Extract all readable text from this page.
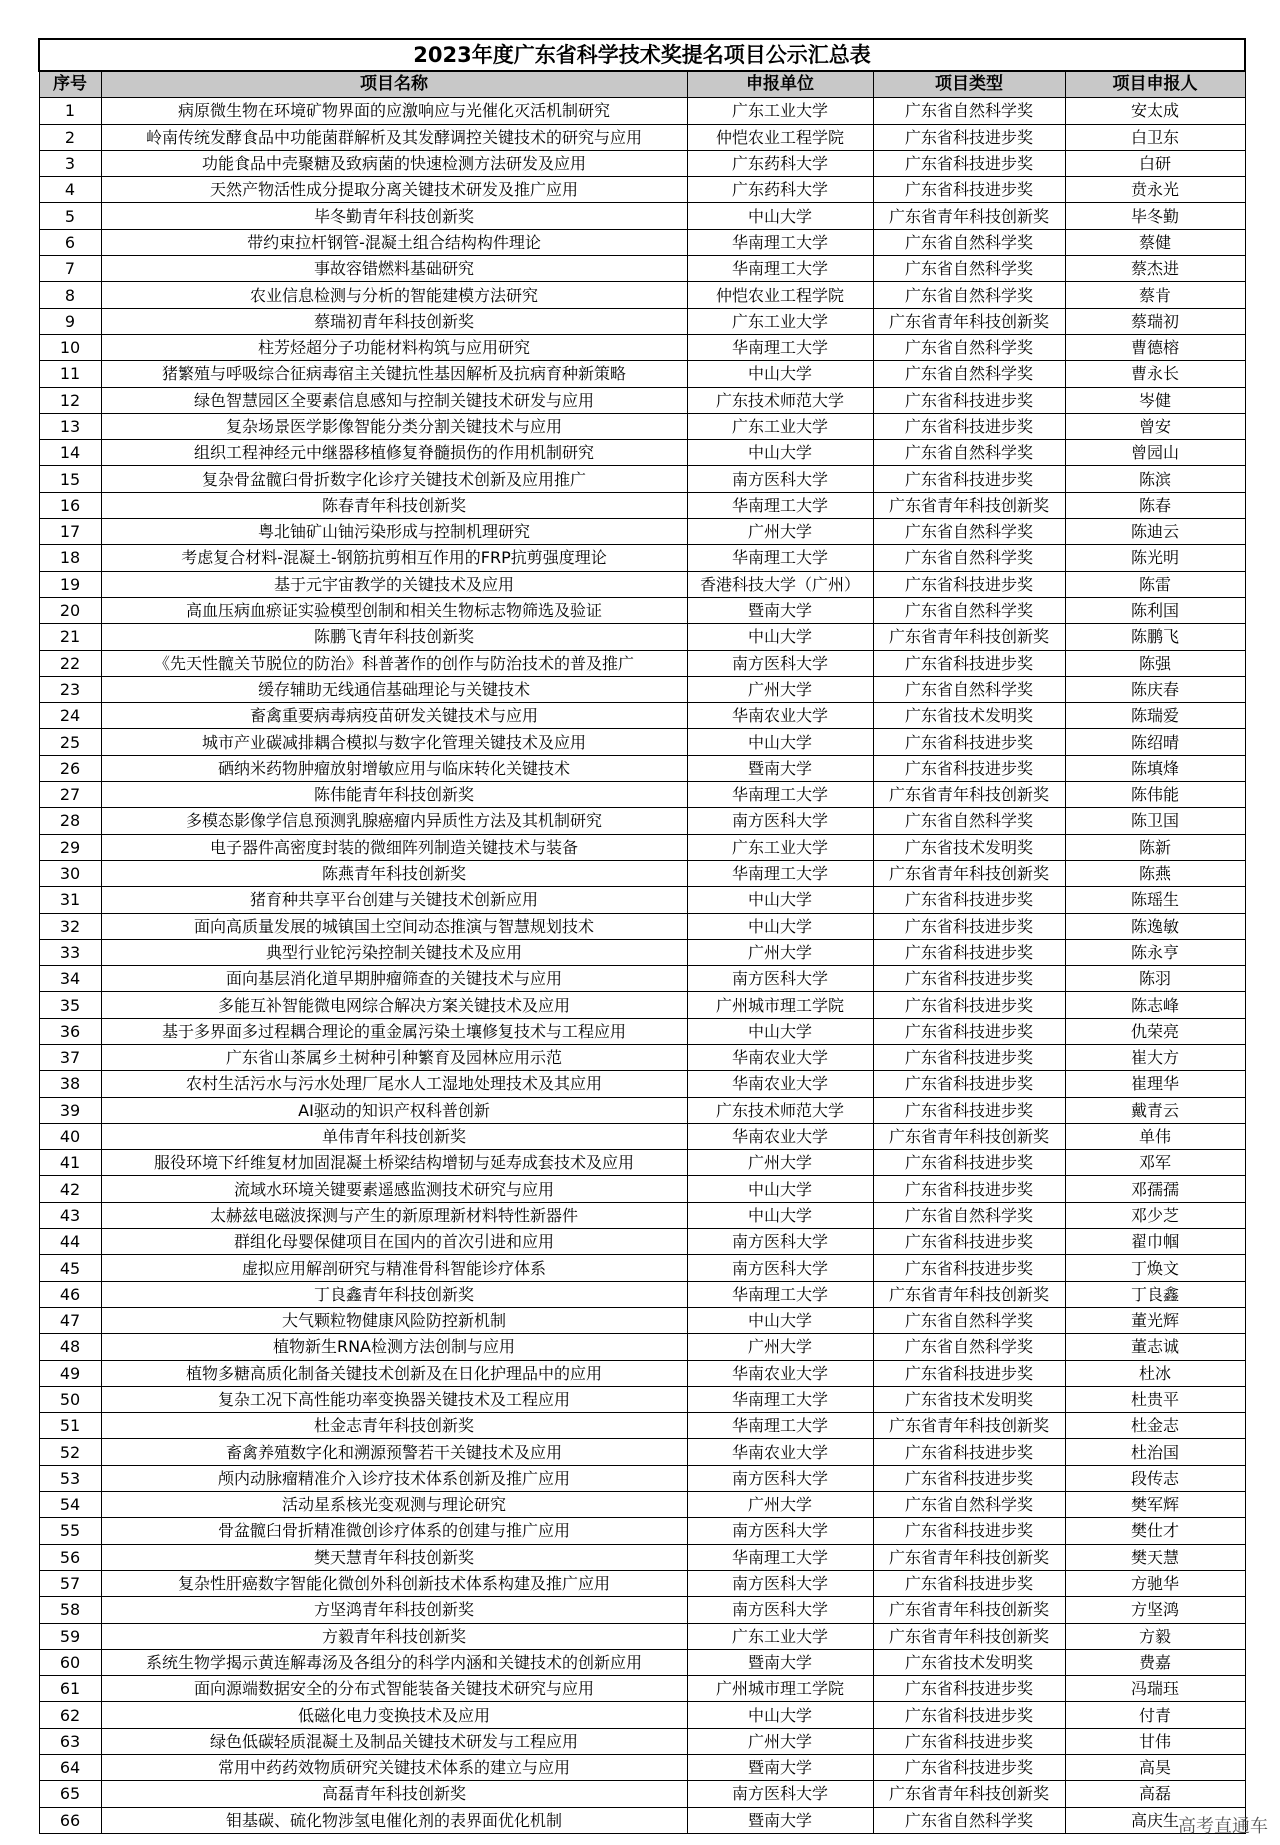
2023年度广东省科学技术奖提名项目公示汇总表				
序号	项目名称	申报单位	项目类型	项目申报人
1	病原微生物在环境矿物界面的应激响应与光催化灭活机制研究	广东工业大学	广东省自然科学奖	安太成
2	岭南传统发酵食品中功能菌群解析及其发酵调控关键技术的研究与应用	仲恺农业工程学院	广东省科技进步奖	白卫东
3	功能食品中壳聚糖及致病菌的快速检测方法研发及应用	广东药科大学	广东省科技进步奖	白研
4	天然产物活性成分提取分离关键技术研发及推广应用	广东药科大学	广东省科技进步奖	贲永光
5	毕冬勤青年科技创新奖	中山大学	广东省青年科技创新奖	毕冬勤
6	带约束拉杆钢管-混凝土组合结构构件理论	华南理工大学	广东省自然科学奖	蔡健
7	事故容错燃料基础研究	华南理工大学	广东省自然科学奖	蔡杰进
8	农业信息检测与分析的智能建模方法研究	仲恺农业工程学院	广东省自然科学奖	蔡肯
9	蔡瑞初青年科技创新奖	广东工业大学	广东省青年科技创新奖	蔡瑞初
10	柱芳烃超分子功能材料构筑与应用研究	华南理工大学	广东省自然科学奖	曹德榕
11	猪繁殖与呼吸综合征病毒宿主关键抗性基因解析及抗病育种新策略	中山大学	广东省自然科学奖	曹永长
12	绿色智慧园区全要素信息感知与控制关键技术研发与应用	广东技术师范大学	广东省科技进步奖	岑健
13	复杂场景医学影像智能分类分割关键技术与应用	广东工业大学	广东省科技进步奖	曾安
14	组织工程神经元中继器移植修复脊髓损伤的作用机制研究	中山大学	广东省自然科学奖	曾园山
15	复杂骨盆髋臼骨折数字化诊疗关键技术创新及应用推广	南方医科大学	广东省科技进步奖	陈滨
16	陈春青年科技创新奖	华南理工大学	广东省青年科技创新奖	陈春
17	粤北铀矿山铀污染形成与控制机理研究	广州大学	广东省自然科学奖	陈迪云
18	考虑复合材料-混凝土-钢筋抗剪相互作用的FRP抗剪强度理论	华南理工大学	广东省自然科学奖	陈光明
19	基于元宇宙教学的关键技术及应用	香港科技大学（广州）	广东省科技进步奖	陈雷
20	高血压病血瘀证实验模型创制和相关生物标志物筛选及验证	暨南大学	广东省自然科学奖	陈利国
21	陈鹏飞青年科技创新奖	中山大学	广东省青年科技创新奖	陈鹏飞
22	《先天性髋关节脱位的防治》科普著作的创作与防治技术的普及推广	南方医科大学	广东省科技进步奖	陈强
23	缓存辅助无线通信基础理论与关键技术	广州大学	广东省自然科学奖	陈庆春
24	畜禽重要病毒病疫苗研发关键技术与应用	华南农业大学	广东省技术发明奖	陈瑞爱
25	城市产业碳减排耦合模拟与数字化管理关键技术及应用	中山大学	广东省科技进步奖	陈绍晴
26	硒纳米药物肿瘤放射增敏应用与临床转化关键技术	暨南大学	广东省科技进步奖	陈填烽
27	陈伟能青年科技创新奖	华南理工大学	广东省青年科技创新奖	陈伟能
28	多模态影像学信息预测乳腺癌瘤内异质性方法及其机制研究	南方医科大学	广东省自然科学奖	陈卫国
29	电子器件高密度封装的微细阵列制造关键技术与装备	广东工业大学	广东省技术发明奖	陈新
30	陈燕青年科技创新奖	华南理工大学	广东省青年科技创新奖	陈燕
31	猪育种共享平台创建与关键技术创新应用	中山大学	广东省科技进步奖	陈瑶生
32	面向高质量发展的城镇国土空间动态推演与智慧规划技术	中山大学	广东省科技进步奖	陈逸敏
33	典型行业铊污染控制关键技术及应用	广州大学	广东省科技进步奖	陈永亨
34	面向基层消化道早期肿瘤筛查的关键技术与应用	南方医科大学	广东省科技进步奖	陈羽
35	多能互补智能微电网综合解决方案关键技术及应用	广州城市理工学院	广东省科技进步奖	陈志峰
36	基于多界面多过程耦合理论的重金属污染土壤修复技术与工程应用	中山大学	广东省科技进步奖	仇荣亮
37	广东省山茶属乡土树种引种繁育及园林应用示范	华南农业大学	广东省科技进步奖	崔大方
38	农村生活污水与污水处理厂尾水人工湿地处理技术及其应用	华南农业大学	广东省科技进步奖	崔理华
39	AI驱动的知识产权科普创新	广东技术师范大学	广东省科技进步奖	戴青云
40	单伟青年科技创新奖	华南农业大学	广东省青年科技创新奖	单伟
41	服役环境下纤维复材加固混凝土桥梁结构增韧与延寿成套技术及应用	广州大学	广东省科技进步奖	邓军
42	流域水环境关键要素遥感监测技术研究与应用	中山大学	广东省科技进步奖	邓孺孺
43	太赫兹电磁波探测与产生的新原理新材料特性新器件	中山大学	广东省自然科学奖	邓少芝
44	群组化母婴保健项目在国内的首次引进和应用	南方医科大学	广东省科技进步奖	翟巾帼
45	虚拟应用解剖研究与精准骨科智能诊疗体系	南方医科大学	广东省科技进步奖	丁焕文
46	丁良鑫青年科技创新奖	华南理工大学	广东省青年科技创新奖	丁良鑫
47	大气颗粒物健康风险防控新机制	中山大学	广东省自然科学奖	董光辉
48	植物新生RNA检测方法创制与应用	广州大学	广东省自然科学奖	董志诚
49	植物多糖高质化制备关键技术创新及在日化护理品中的应用	华南农业大学	广东省科技进步奖	杜冰
50	复杂工况下高性能功率变换器关键技术及工程应用	华南理工大学	广东省技术发明奖	杜贵平
51	杜金志青年科技创新奖	华南理工大学	广东省青年科技创新奖	杜金志
52	畜禽养殖数字化和溯源预警若干关键技术及应用	华南农业大学	广东省科技进步奖	杜治国
53	颅内动脉瘤精准介入诊疗技术体系创新及推广应用	南方医科大学	广东省科技进步奖	段传志
54	活动星系核光变观测与理论研究	广州大学	广东省自然科学奖	樊军辉
55	骨盆髋臼骨折精准微创诊疗体系的创建与推广应用	南方医科大学	广东省科技进步奖	樊仕才
56	樊天慧青年科技创新奖	华南理工大学	广东省青年科技创新奖	樊天慧
57	复杂性肝癌数字智能化微创外科创新技术体系构建及推广应用	南方医科大学	广东省科技进步奖	方驰华
58	方坚鸿青年科技创新奖	南方医科大学	广东省青年科技创新奖	方坚鸿
59	方毅青年科技创新奖	广东工业大学	广东省青年科技创新奖	方毅
60	系统生物学揭示黄连解毒汤及各组分的科学内涵和关键技术的创新应用	暨南大学	广东省技术发明奖	费嘉
61	面向源端数据安全的分布式智能装备关键技术研究与应用	广州城市理工学院	广东省科技进步奖	冯瑞珏
62	低磁化电力变换技术及应用	中山大学	广东省科技进步奖	付青
63	绿色低碳轻质混凝土及制品关键技术研发与工程应用	广州大学	广东省科技进步奖	甘伟
64	常用中药药效物质研究关键技术体系的建立与应用	暨南大学	广东省科技进步奖	高昊
65	高磊青年科技创新奖	南方医科大学	广东省青年科技创新奖	高磊
66	钼基碳、硫化物涉氢电催化剂的表界面优化机制	暨南大学	广东省自然科学奖	高庆生 高考直通车
